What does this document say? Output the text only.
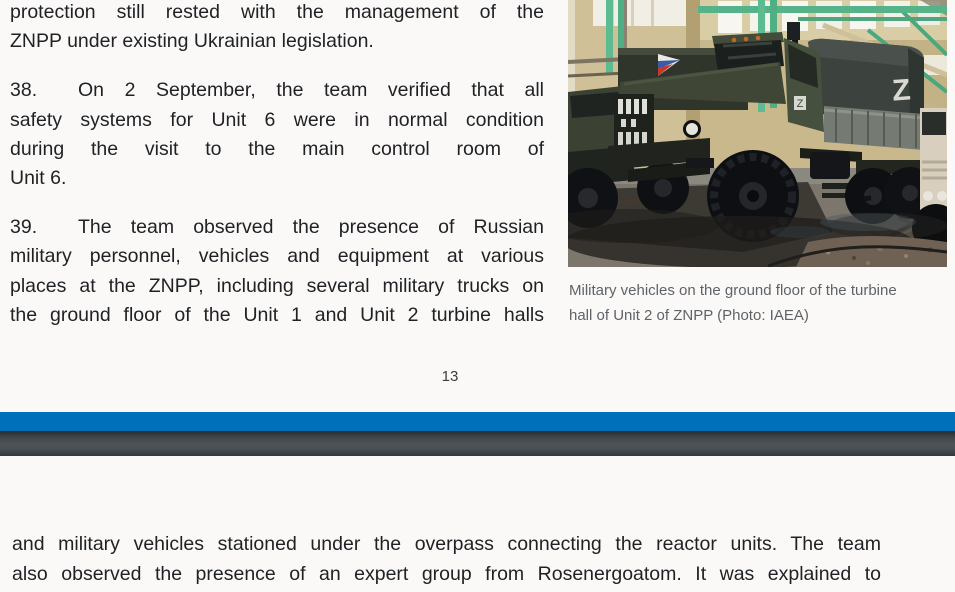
protection still rested with the management of the
ZNPP under existing Ukrainian legislation.
38. On 2 September, the team verified that all
safety systems for Unit 6 were in normal condition
during the visit to the main control room of
Unit 6.
39. The team observed the presence of Russian
military personnel, vehicles and equipment at various
places at the ZNPP, including several military trucks on
the ground floor of the Unit 1 and Unit 2 turbine halls
Z
Z
Military vehicles on the ground floor of the turbine
hall of Unit 2 of ZNPP (Photo: IAEA)
13
and military vehicles stationed under the overpass connecting the reactor units. The team
also observed the presence of an expert group from Rosenergoatom. It was explained to
